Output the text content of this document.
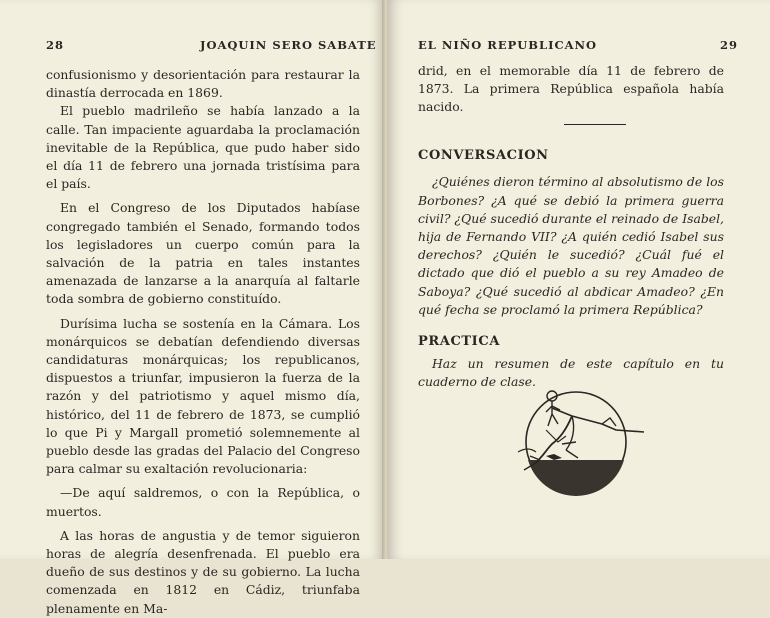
28	JOAQUIN SERO SABATE

confusionismo y desorientación para restaurar la dinastía derrocada en 1869.

El pueblo madrileño se había lanzado a la calle. Tan impaciente aguardaba la proclamación inevitable de la República, que pudo haber sido el día 11 de febrero una jornada tristísima para el país.

En el Congreso de los Diputados habíase congregado también el Senado, formando todos los legisladores un cuerpo común para la salvación de la patria en tales instantes amenazada de lanzarse a la anarquía al faltarle toda sombra de gobierno constituído.

Durísima lucha se sostenía en la Cámara. Los monárquicos se debatían defendiendo diversas candidaturas monárquicas; los republicanos, dispuestos a triunfar, impusieron la fuerza de la razón y del patriotismo y aquel mismo día, histórico, del 11 de febrero de 1873, se cumplió lo que Pi y Margall prometió solemnemente al pueblo desde las gradas del Palacio del Congreso para calmar su exaltación revolucionaria:

—De aquí saldremos, o con la República, o muertos.

A las horas de angustia y de temor siguieron horas de alegría desenfrenada. El pueblo era dueño de sus destinos y de su gobierno. La lucha comenzada en 1812 en Cádiz, triunfaba plenamente en Ma-

EL NIÑO REPUBLICANO	29

drid, en el memorable día 11 de febrero de 1873. La primera República española había nacido.

CONVERSACION

¿Quiénes dieron término al absolutismo de los Borbones? ¿A qué se debió la primera guerra civil? ¿Qué sucedió durante el reinado de Isabel, hija de Fernando VII? ¿A quién cedió Isabel sus derechos? ¿Quién le sucedió? ¿Cuál fué el dictado que dió el pueblo a su rey Amadeo de Saboya? ¿Qué sucedió al abdicar Amadeo? ¿En qué fecha se proclamó la primera República?

PRACTICA

Haz un resumen de este capítulo en tu cuaderno de clase.
